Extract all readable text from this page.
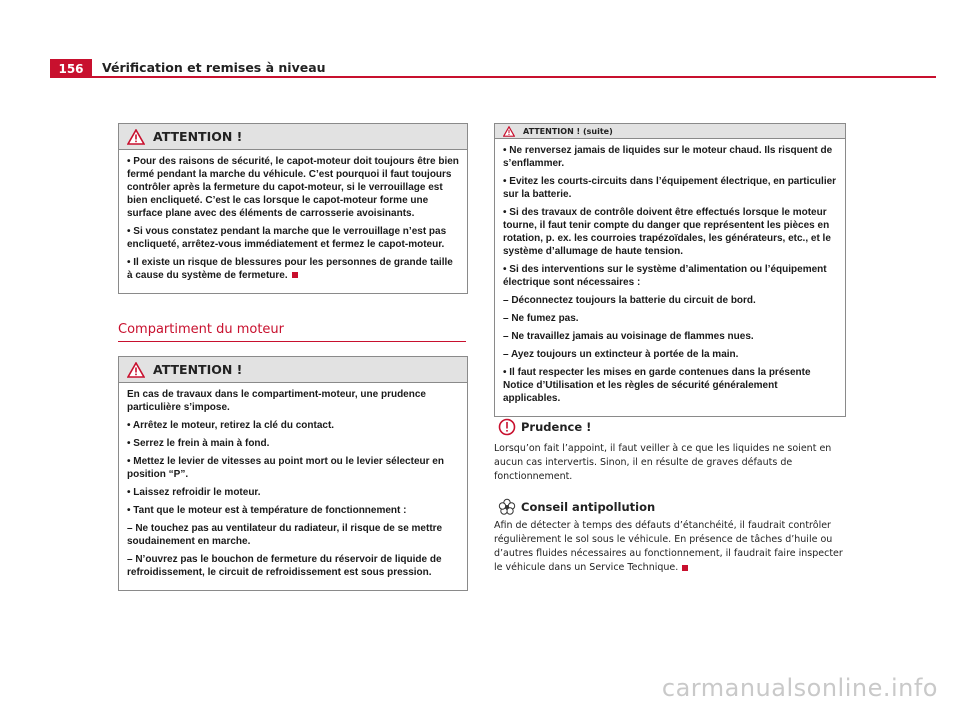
156	Vérification et remises à niveau
ATTENTION !

• Pour des raisons de sécurité, le capot-moteur doit toujours être bien fermé pendant la marche du véhicule. C’est pourquoi il faut toujours contrôler après la fermeture du capot-moteur, si le verrouillage est bien encliqueté. C’est le cas lorsque le capot-moteur forme une surface plane avec des éléments de carrosserie avoisinants.

• Si vous constatez pendant la marche que le verrouillage n’est pas encliqueté, arrêtez-vous immédiatement et fermez le capot-moteur.

• Il existe un risque de blessures pour les personnes de grande taille à cause du système de fermeture.

Compartiment du moteur
ATTENTION !

En cas de travaux dans le compartiment-moteur, une prudence particulière s’impose.

• Arrêtez le moteur, retirez la clé du contact.

• Serrez le frein à main à fond.

• Mettez le levier de vitesses au point mort ou le levier sélecteur en position “P”.

• Laissez refroidir le moteur.

• Tant que le moteur est à température de fonctionnement :

– Ne touchez pas au ventilateur du radiateur, il risque de se mettre soudainement en marche.

– N’ouvrez pas le bouchon de fermeture du réservoir de liquide de refroidissement, le circuit de refroidissement est sous pression.

ATTENTION ! (suite)

• Ne renversez jamais de liquides sur le moteur chaud. Ils risquent de s’enflammer.

• Evitez les courts-circuits dans l’équipement électrique, en particulier sur la batterie.

• Si des travaux de contrôle doivent être effectués lorsque le moteur tourne, il faut tenir compte du danger que représentent les pièces en rotation, p. ex. les courroies trapézoïdales, les générateurs, etc., et le système d’allumage de haute tension.

• Si des interventions sur le système d’alimentation ou l’équipement électrique sont nécessaires :

– Déconnectez toujours la batterie du circuit de bord.

– Ne fumez pas.

– Ne travaillez jamais au voisinage de flammes nues.

– Ayez toujours un extincteur à portée de la main.

• Il faut respecter les mises en garde contenues dans la présente Notice d’Utilisation et les règles de sécurité généralement applicables.

Prudence !

Lorsqu’on fait l’appoint, il faut veiller à ce que les liquides ne soient en aucun cas intervertis. Sinon, il en résulte de graves défauts de fonctionnement.

Conseil antipollution

Afin de détecter à temps des défauts d’étanchéité, il faudrait contrôler régulièrement le sol sous le véhicule. En présence de tâches d’huile ou d’autres fluides nécessaires au fonctionnement, il faudrait faire inspecter le véhicule dans un Service Technique.

carmanualsonline.info
